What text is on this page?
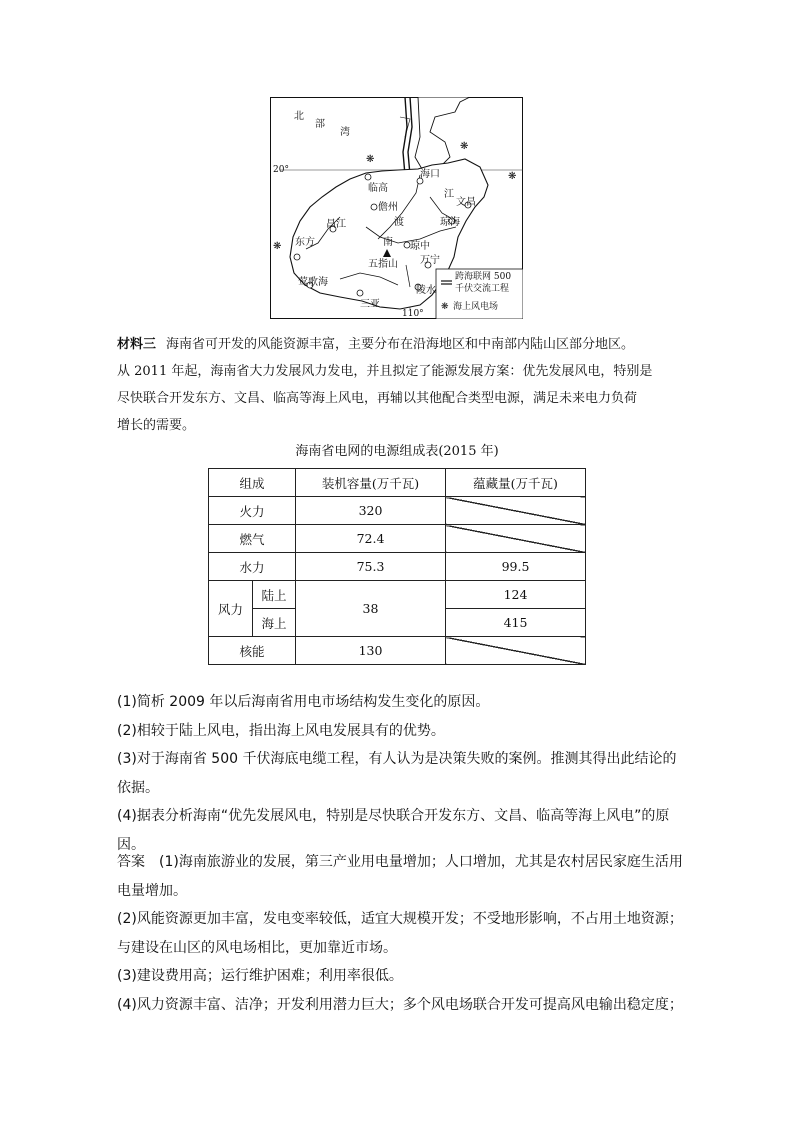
❋
❋
❋
❋
北
部
湾
20°
110°
临高
海口
儋州
江
文昌
昌江	渡	琼海
东方	南 琼中
五指山 万宁
莺歌海
陵水
三亚
跨海联网 500
千伏交流工程
❋ 海上风电场

材料三 海南省可开发的风能资源丰富，主要分布在沿海地区和中南部内陆山区部分地区。

从 2011 年起，海南省大力发展风力发电，并且拟定了能源发展方案：优先发展风电，特别是

尽快联合开发东方、文昌、临高等海上风电，再辅以其他配合类型电源，满足未来电力负荷

增长的需要。

海南省电网的电源组成表(2015 年)
组成		装机容量(万千瓦)	蕴藏量(万千瓦)
火力		320	
燃气		72.4	
水力		75.3	99.5
风力	陆上	38	124
	海上		415
核能		130	

(1)简析 2009 年以后海南省用电市场结构发生变化的原因。

(2)相较于陆上风电，指出海上风电发展具有的优势。

(3)对于海南省 500 千伏海底电缆工程，有人认为是决策失败的案例。推测其得出此结论的依据。

(4)据表分析海南“优先发展风电，特别是尽快联合开发东方、文昌、临高等海上风电”的原因。

答案  (1)海南旅游业的发展，第三产业用电量增加；人口增加，尤其是农村居民家庭生活用电量增加。

(2)风能资源更加丰富，发电变率较低，适宜大规模开发；不受地形影响，不占用土地资源；与建设在山区的风电场相比，更加靠近市场。

(3)建设费用高；运行维护困难；利用率很低。

(4)风力资源丰富、洁净；开发利用潜力巨大；多个风电场联合开发可提高风电输出稳定度；
